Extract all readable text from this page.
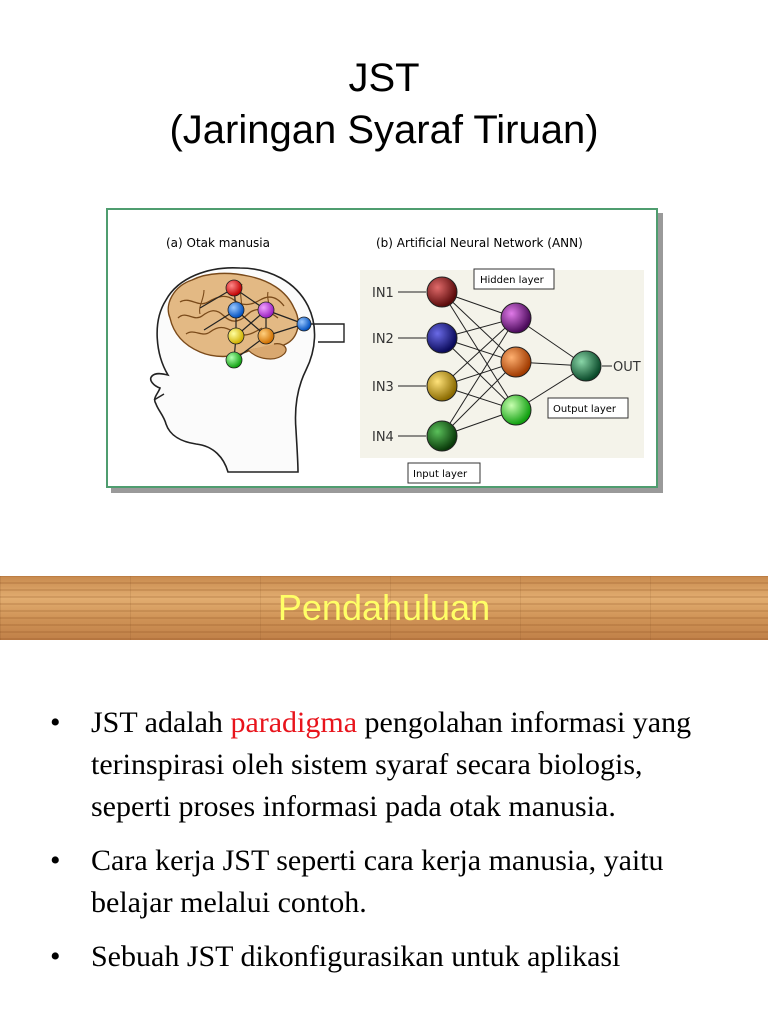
JST
(Jaringan Syaraf Tiruan)
(a) Otak manusia	(b) Artificial Neural Network (ANN)
IN1
IN2
IN3
IN4
OUT
Hidden layer
Output layer
Input layer
Pendahuluan
• JST adalah paradigma pengolahan informasi yang terinspirasi oleh sistem syaraf secara biologis, seperti proses informasi pada otak manusia.
• Cara kerja JST seperti cara kerja manusia, yaitu belajar melalui contoh.
• Sebuah JST dikonfigurasikan untuk aplikasi
